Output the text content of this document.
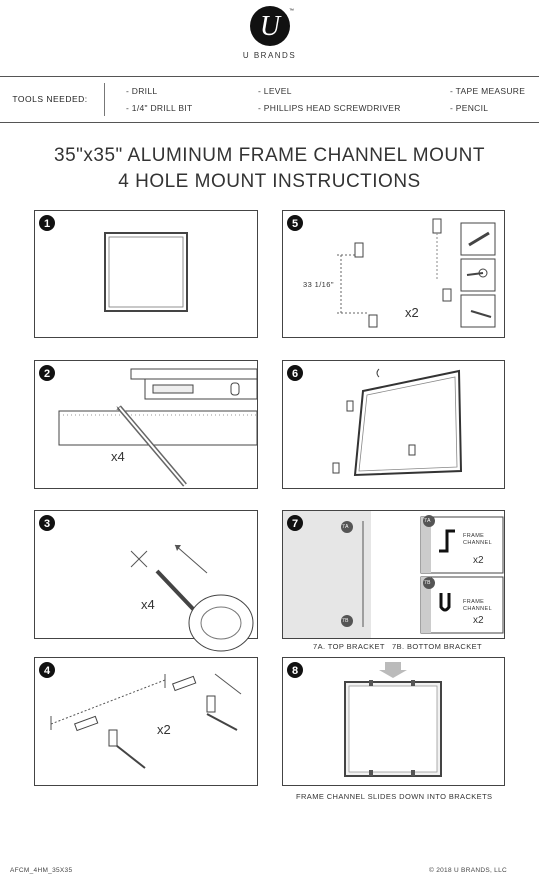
U	™
U BRANDS
TOOLS NEEDED:
- DRILL
- 1/4" DRILL BIT
- LEVEL
- PHILLIPS HEAD SCREWDRIVER
- TAPE MEASURE
- PENCIL
35"x35" ALUMINUM FRAME CHANNEL MOUNT
4 HOLE MOUNT INSTRUCTIONS
1	5
33 1/16"
x2
2
×
x4
6
3
x4
7	7A
7B
7A
7B
FRAME CHANNEL
FRAME CHANNEL
x2
x2
7A. TOP BRACKET 7B. BOTTOM BRACKET
4
x2
8
FRAME CHANNEL SLIDES DOWN INTO BRACKETS
AFCM_4HM_35X35	© 2018 U BRANDS, LLC
